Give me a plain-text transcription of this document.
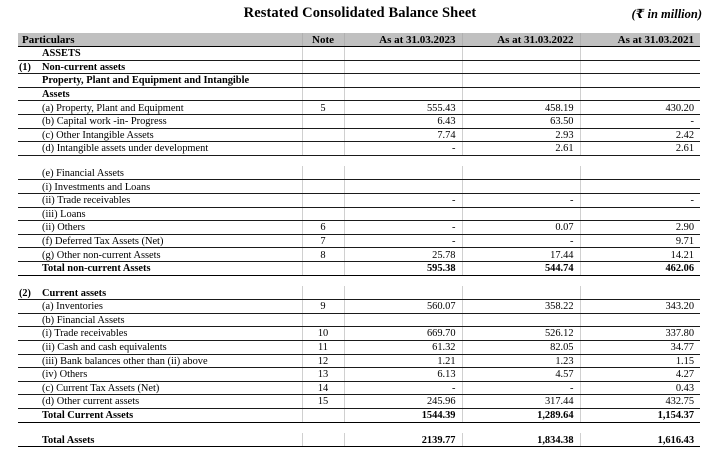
Restated Consolidated Balance Sheet	(₹ in million)
Particulars		Note	As at 31.03.2023	As at 31.03.2022	As at 31.03.2021
	ASSETS				
(1)	Non-current assets				
	Property, Plant and Equipment and Intangible				
	Assets				
	(a) Property, Plant and Equipment	5	555.43	458.19	430.20
	(b) Capital work -in- Progress		6.43	63.50	-
	(c) Other Intangible Assets		7.74	2.93	2.42
	(d) Intangible assets under development		-	2.61	2.61

	(e) Financial Assets				
	(i) Investments and Loans				
	(ii) Trade receivables		-	-	-
	(iii) Loans				
	(ii) Others	6	-	0.07	2.90
	(f) Deferred Tax Assets (Net)	7	-	-	9.71
	(g) Other non-current Assets	8	25.78	17.44	14.21
	Total non-current Assets		595.38	544.74	462.06

(2)	Current assets				
	(a) Inventories	9	560.07	358.22	343.20
	(b) Financial Assets				
	(i) Trade receivables	10	669.70	526.12	337.80
	(ii) Cash and cash equivalents	11	61.32	82.05	34.77
	(iii) Bank balances other than (ii) above	12	1.21	1.23	1.15
	(iv) Others	13	6.13	4.57	4.27
	(c) Current Tax Assets (Net)	14	-	-	0.43
	(d) Other current assets	15	245.96	317.44	432.75
	Total Current Assets		1544.39	1,289.64	1,154.37

	Total Assets		2139.77	1,834.38	1,616.43
